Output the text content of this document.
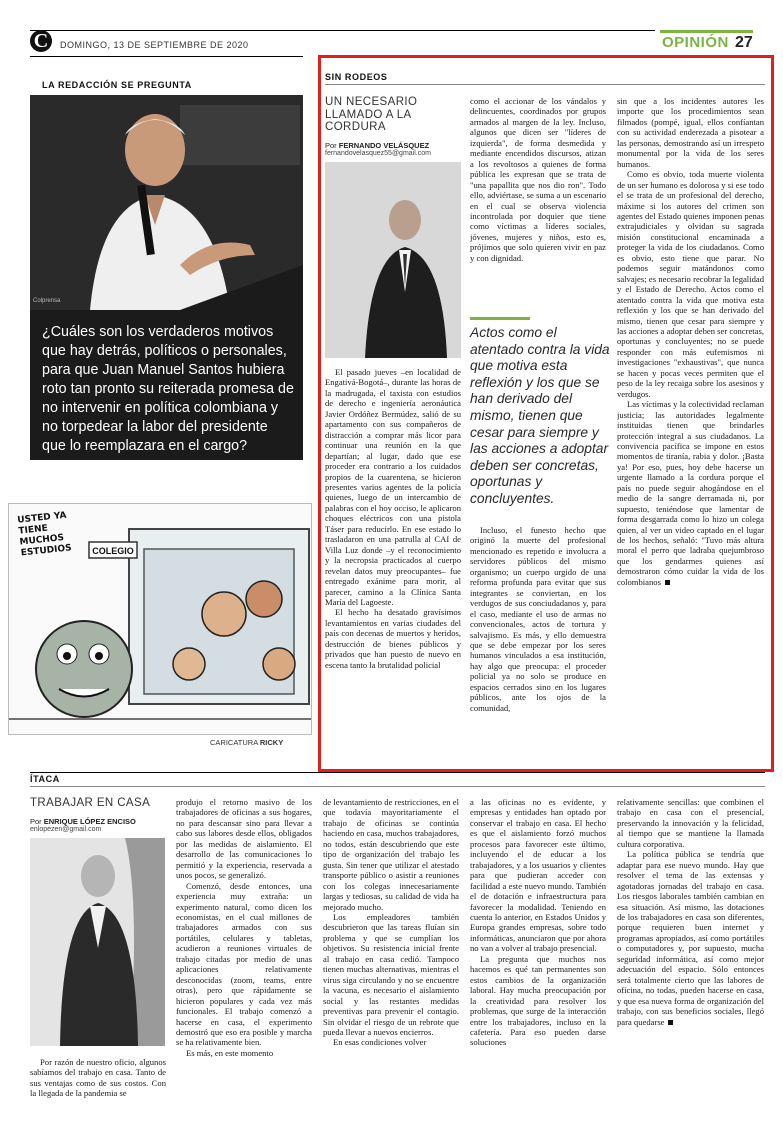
C	DOMINGO, 13 DE SEPTIEMBRE DE 2020	OPINIÓN 27
LA REDACCIÓN SE PREGUNTA
Colprensa
¿Cuáles son los verdaderos motivos que hay detrás, políticos o personales, para que Juan Manuel Santos hubiera roto tan pronto su reiterada promesa de no intervenir en política colombiana y no torpedear la labor del presidente que lo reemplazara en el cargo?
COLEGIO
USTED YA TIENE MUCHOS ESTUDIOS
CARICATURA RICKY
SIN RODEOS
UN NECESARIO
LLAMADO A LA
CORDURA
Por FERNANDO VELÁSQUEZ
fernandovelasquez55@gmail.com

El pasado jueves –en localidad de Engativá-Bogotá–, durante las horas de la madrugada, el taxista con estudios de derecho e ingeniería aeronáutica Javier Ordóñez Bermúdez, salió de su apartamento con sus compañeros de distracción a comprar más licor para continuar una reunión en la que departían; al lugar, dado que ese proceder era contrario a los cuidados propios de la cuarentena, se hicieron presentes varios agentes de la policía quienes, luego de un intercambio de palabras con el hoy occiso, le aplicaron choques eléctricos con una pistola Táser para reducirlo. En ese estado lo trasladaron en una patrulla al CAI de Villa Luz donde –y el reconocimiento y la necropsia practicados al cuerpo revelan datos muy preocupantes– fue entregado exánime para morir, al parecer, camino a la Clínica Santa María del Lagoeste.

El hecho ha desatado gravísimos levantamientos en varias ciudades del país con decenas de muertos y heridos, destrucción de bienes públicos y privados que han puesto de nuevo en escena tanto la brutalidad policial

como el accionar de los vándalos y delincuentes, coordinados por grupos armados al margen de la ley. Incluso, algunos que dicen ser "líderes de izquierda", de forma desmedida y mediante encendidos discursos, atizan a los revoltosos a quienes de forma pública les expresan que se trata de "una papallita que nos dio ron". Todo ello, adviértase, se suma a un escenario en el cual se observa violencia incontrolada por doquier que tiene como víctimas a líderes sociales, jóvenes, mujeres y niños, esto es, prójimos que solo quieren vivir en paz y con dignidad.

Actos como el atentado contra la vida que motiva esta reflexión y los que se han derivado del mismo, tienen que cesar para siempre y las acciones a adoptar deben ser concretas, oportunas y concluyentes.

Incluso, el funesto hecho que originó la muerte del profesional mencionado es repetido e involucra a servidores públicos del mismo organismo; un cuerpo urgido de una reforma profunda para evitar que sus integrantes se conviertan, en los verdugos de sus conciudadanos y, para el caso, mediante el uso de armas no convencionales, actos de tortura y salvajismo. Es más, y ello demuestra que se debe empezar por los seres humanos vinculados a esa institución, hay algo que preocupa: el proceder policial ya no solo se produce en espacios cerrados sino en los lugares públicos, ante los ojos de la comunidad,

sin que a los incidentes autores les importe que los procedimientos sean filmados (pompé, igual, ellos confíantan con su actividad enderezada a pisotear a las personas, demostrando así un irrespeto monumental por la vida de los seres humanos.

Como es obvio, toda muerte violenta de un ser humano es dolorosa y si ese todo el se trata de un profesional del derecho, máxime si los autores del crimen son agentes del Estado quienes imponen penas extrajudiciales y olvidan su sagrada misión constitucional encaminada a proteger la vida de los ciudadanos. Como es obvio, esto tiene que parar. No podemos seguir matándonos como salvajes; es necesario recobrar la legalidad y el Estado de Derecho. Actos como el atentado contra la vida que motiva esta reflexión y los que se han derivado del mismo, tienen que cesar para siempre y las acciones a adoptar deben ser concretas, oportunas y concluyentes; no se puede responder con más eufemismos ni investigaciones "exhaustivas", que nunca se hacen y pocas veces permiten que el peso de la ley recaiga sobre los asesinos y verdugos.

Las víctimas y la colectividad reclaman justicia; las autoridades legalmente instituidas tienen que brindarles protección integral a sus ciudadanos. La convivencia pacífica se impone en estos momentos de tiranía, rabia y dolor. ¡Basta ya! Por eso, pues, hoy debe hacerse un urgente llamado a la cordura porque el país no puede seguir ahogándose en el medio de la sangre derramada ni, por supuesto, teniéndose que lamentar de forma desgarrada como lo hizo un colega quien, al ver un video captado en el lugar de los hechos, señaló: "Tuvo más altura moral el perro que ladraba quejumbroso que los gendarmes quienes así demostraron cómo cuidar la vida de los colombianos

ÍTACA
TRABAJAR EN CASA
Por ENRIQUE LÓPEZ ENCISO
enlopezen@gmail.com

Por razón de nuestro oficio, algunos sabíamos del trabajo en casa. Tanto de sus ventajas como de sus costos. Con la llegada de la pandemia se

produjo el retorno masivo de los trabajadores de oficinas a sus hogares, no para descansar sino para llevar a cabo sus labores desde ellos, obligados por las medidas de aislamiento. El desarrollo de las comunicaciones lo permitió y la experiencia, reservada a unos pocos, se generalizó.

Comenzó, desde entonces, una experiencia muy extraña: un experimento natural, como dicen los economistas, en el cual millones de trabajadores armados con sus portátiles, celulares y tabletas, acudieron a reuniones virtuales de trabajo citadas por medio de unas aplicaciones relativamente desconocidas (zoom, teams, entre otras), pero que rápidamente se hicieron populares y cada vez más funcionales. El trabajo comenzó a hacerse en casa, el experimento demostró que eso era posible y marcha se ha relativamente bien.

Es más, en este momento

de levantamiento de restricciones, en el que todavía mayoritariamente el trabajo de oficinas se continúa haciendo en casa, muchos trabajadores, no todos, están descubriendo que este tipo de organización del trabajo les gusta. Sin tener que utilizar el atestado transporte público o asistir a reuniones con los colegas innecesariamente largas y tediosas, su calidad de vida ha mejorado mucho.

Los empleadores también descubrieron que las tareas fluían sin problema y que se cumplían los objetivos. Su resistencia inicial frente al trabajo en casa cedió. Tampoco tienen muchas alternativas, mientras el virus siga circulando y no se encuentre la vacuna, es necesario el aislamiento social y las restantes medidas preventivas para prevenir el contagio. Sin olvidar el riesgo de un rebrote que pueda llevar a nuevos encierros.

En esas condiciones volver

a las oficinas no es evidente, y empresas y entidades han optado por conservar el trabajo en casa. El hecho es que el aislamiento forzó muchos procesos para favorecer este último, incluyendo el de educar a los trabajadores, y a los usuarios y clientes para que pudieran acceder con facilidad a este nuevo mundo. También el de dotación e infraestructura para favorecer la modalidad. Teniendo en cuenta lo anterior, en Estados Unidos y Europa grandes empresas, sobre todo informáticas, anunciaron que por ahora no van a volver al trabajo presencial.

La pregunta que muchos nos hacemos es qué tan permanentes son estos cambios de la organización laboral. Hay mucha preocupación por la creatividad para resolver los problemas, que surge de la interacción entre los trabajadores, incluso en la cafetería. Para eso pueden darse soluciones

relativamente sencillas: que combinen el trabajo en casa con el presencial, preservando la innovación y la felicidad, al tiempo que se mantiene la llamada cultura corporativa.

La política pública se tendría que adaptar para ese nuevo mundo. Hay que resolver el tema de las extensas y agotadoras jornadas del trabajo en casa. Los riesgos laborales también cambian en esa situación. Así mismo, las dotaciones de los trabajadores en casa son diferentes, porque requieren buen internet y programas apropiados, así como portátiles o computadores y, por supuesto, mucha seguridad informática, así como mejor adecuación del espacio. Sólo entonces será totalmente cierto que las labores de oficina, no todas, pueden hacerse en casa, y que esa nueva forma de organización del trabajo, con sus beneficios sociales, llegó para quedarse
